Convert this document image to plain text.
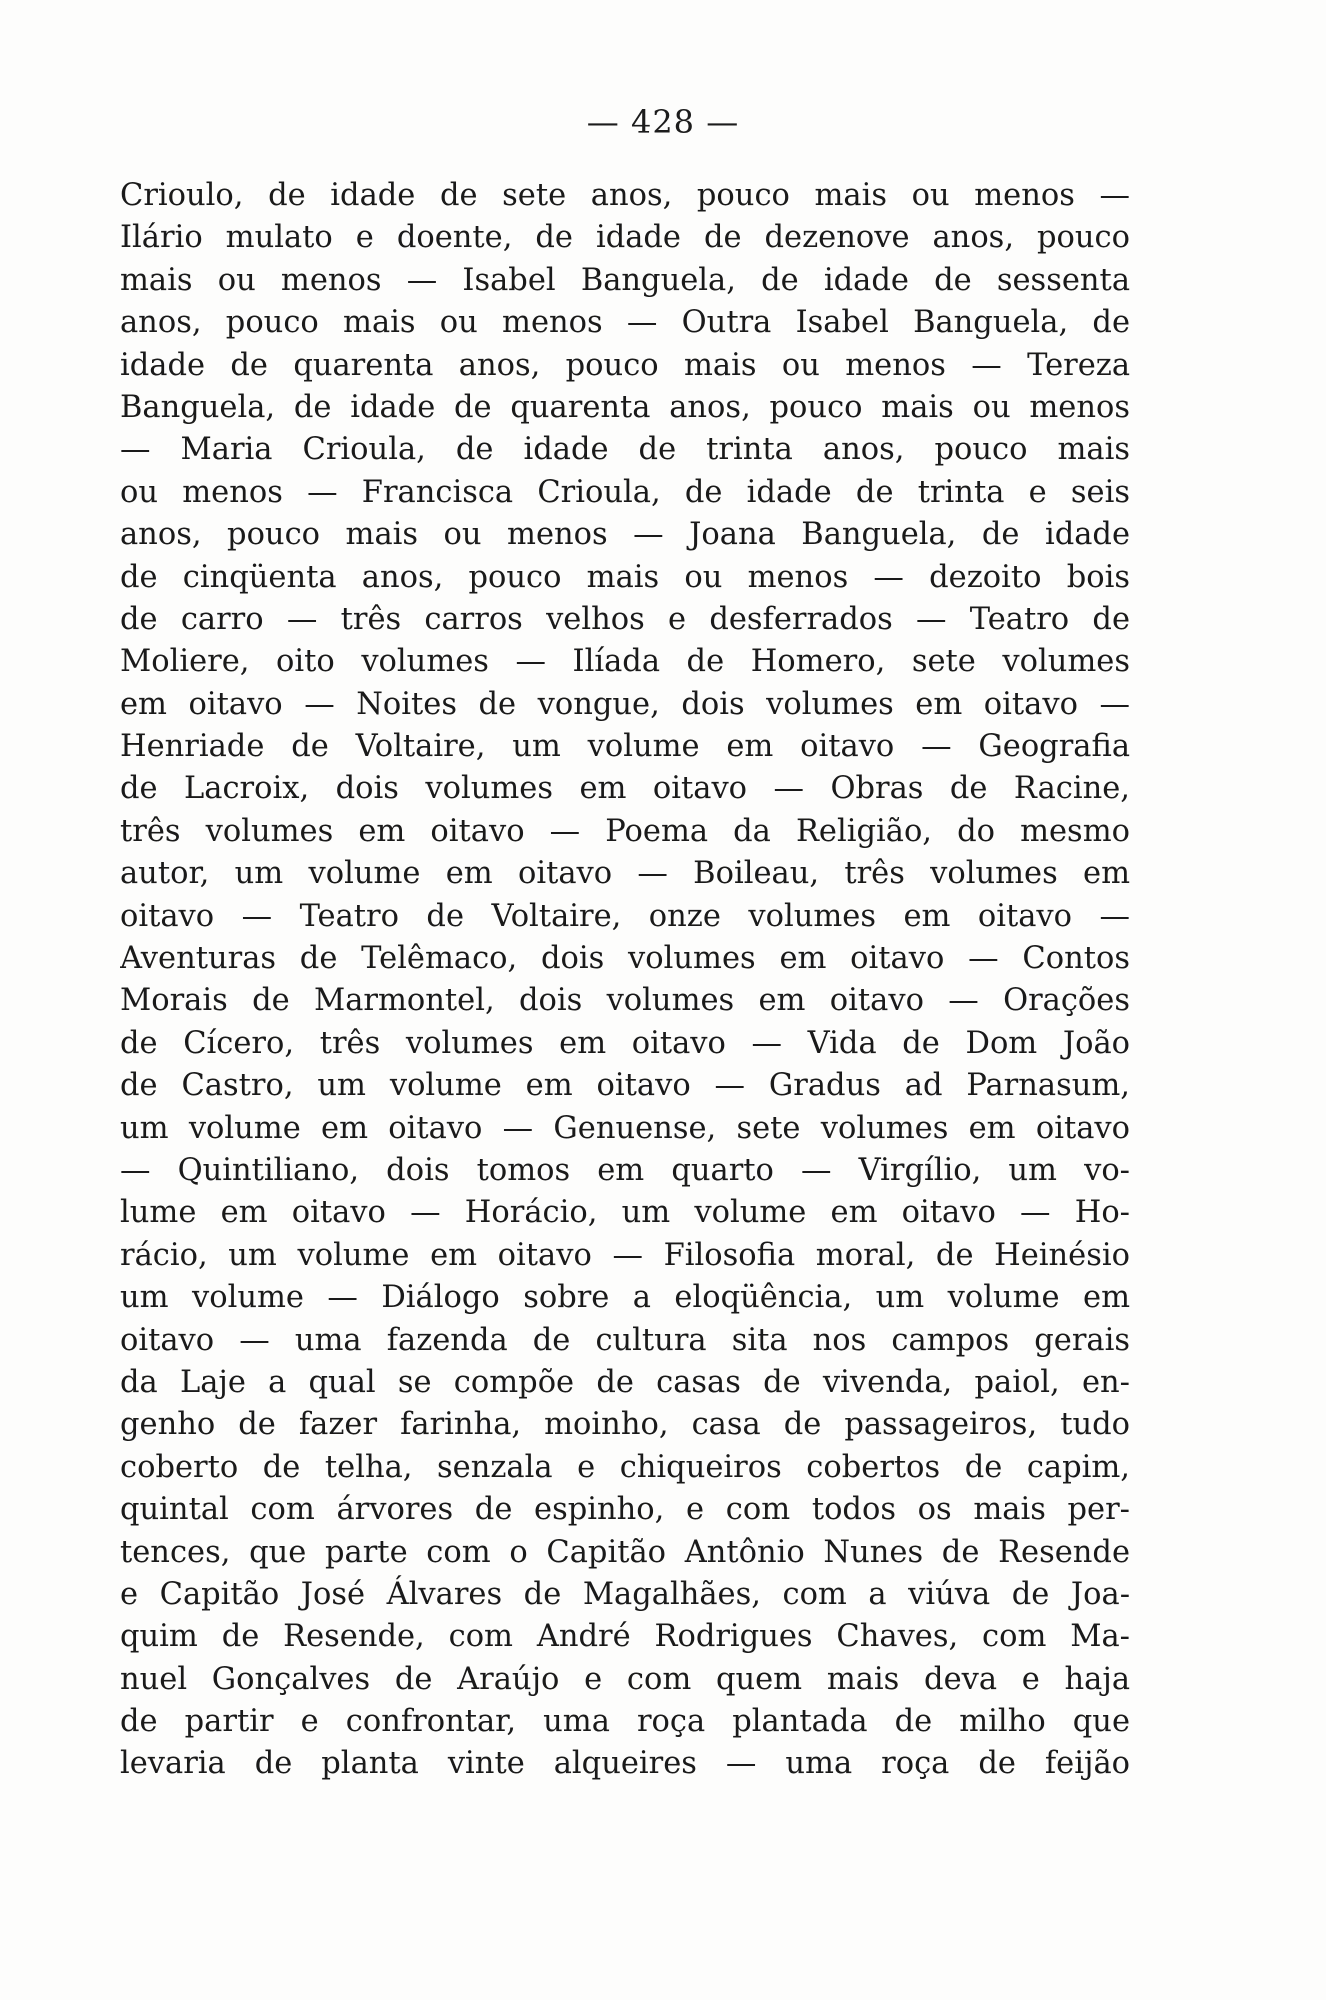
— 428 —
Crioulo, de idade de sete anos, pouco mais ou menos —
Ilário mulato e doente, de idade de dezenove anos, pouco
mais ou menos — Isabel Banguela, de idade de sessenta
anos, pouco mais ou menos — Outra Isabel Banguela, de
idade de quarenta anos, pouco mais ou menos — Tereza
Banguela, de idade de quarenta anos, pouco mais ou menos
— Maria Crioula, de idade de trinta anos, pouco mais
ou menos — Francisca Crioula, de idade de trinta e seis
anos, pouco mais ou menos — Joana Banguela, de idade
de cinqüenta anos, pouco mais ou menos — dezoito bois
de carro — três carros velhos e desferrados — Teatro de
Moliere, oito volumes — Ilíada de Homero, sete volumes
em oitavo — Noites de vongue, dois volumes em oitavo —
Henriade de Voltaire, um volume em oitavo — Geografia
de Lacroix, dois volumes em oitavo — Obras de Racine,
três volumes em oitavo — Poema da Religião, do mesmo
autor, um volume em oitavo — Boileau, três volumes em
oitavo — Teatro de Voltaire, onze volumes em oitavo —
Aventuras de Telêmaco, dois volumes em oitavo — Contos
Morais de Marmontel, dois volumes em oitavo — Orações
de Cícero, três volumes em oitavo — Vida de Dom João
de Castro, um volume em oitavo — Gradus ad Parnasum,
um volume em oitavo — Genuense, sete volumes em oitavo
— Quintiliano, dois tomos em quarto — Virgílio, um vo-
lume em oitavo — Horácio, um volume em oitavo — Ho-
rácio, um volume em oitavo — Filosofia moral, de Heinésio
um volume — Diálogo sobre a eloqüência, um volume em
oitavo — uma fazenda de cultura sita nos campos gerais
da Laje a qual se compõe de casas de vivenda, paiol, en-
genho de fazer farinha, moinho, casa de passageiros, tudo
coberto de telha, senzala e chiqueiros cobertos de capim,
quintal com árvores de espinho, e com todos os mais per-
tences, que parte com o Capitão Antônio Nunes de Resende
e Capitão José Álvares de Magalhães, com a viúva de Joa-
quim de Resende, com André Rodrigues Chaves, com Ma-
nuel Gonçalves de Araújo e com quem mais deva e haja
de partir e confrontar, uma roça plantada de milho que
levaria de planta vinte alqueires — uma roça de feijão
